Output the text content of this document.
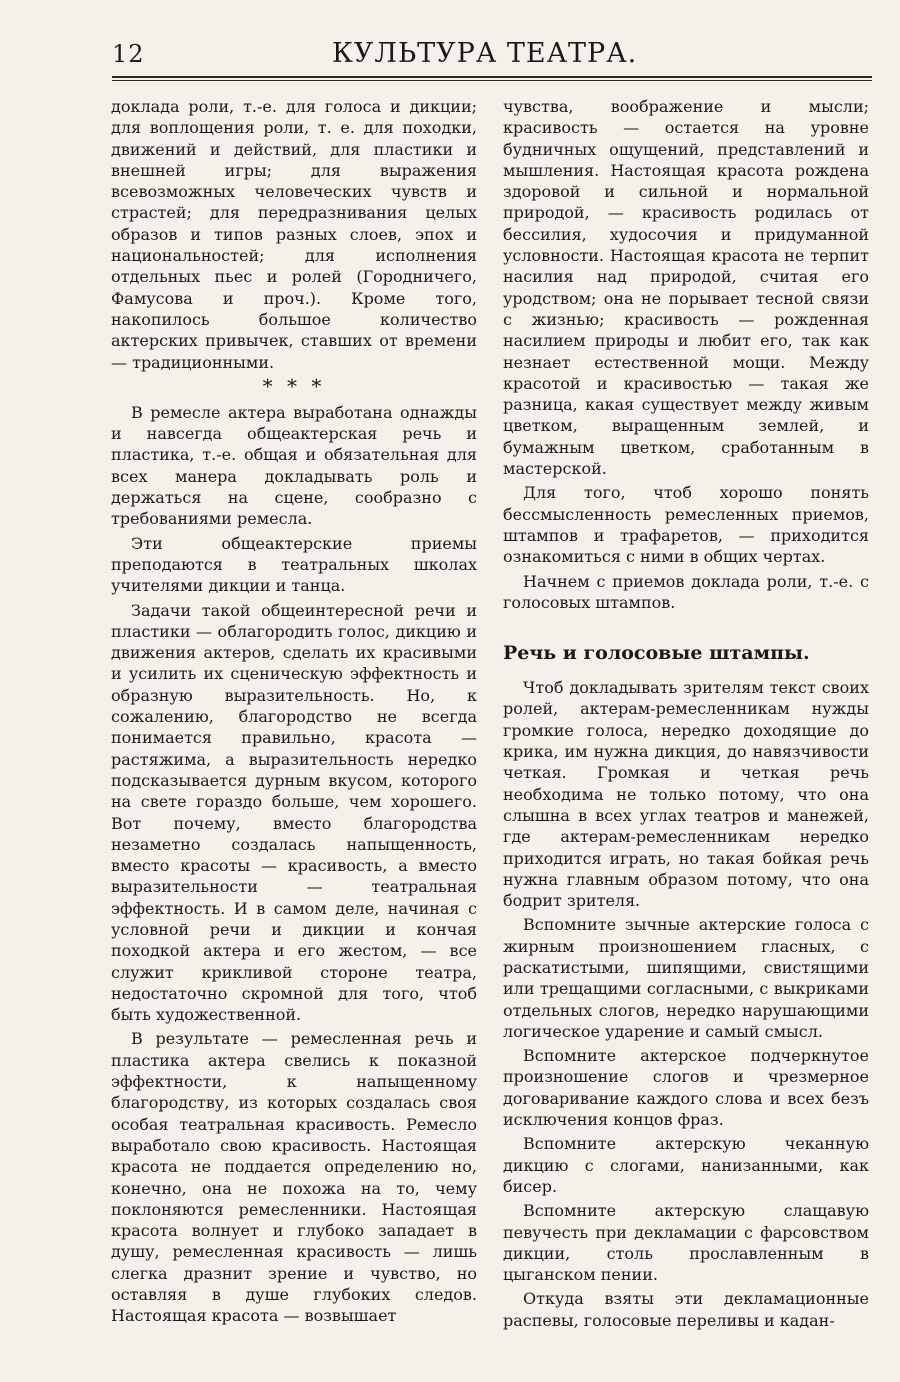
12	КУЛЬТУРА ТЕАТРА.

доклада роли, т.-е. для голоса и дикции; для воплощения роли, т. е. для походки, движений и действий, для пластики и внешней игры; для выражения всевозможных человеческих чувств и страстей; для передразнивания целых образов и типов разных слоев, эпох и национальностей; для исполнения отдельных пьес и ролей (Городничего, Фамусова и проч.). Кроме того, накопилось большое количество актерских привычек, ставших от времени — традиционными.

* * *

В ремесле актера выработана однажды и навсегда общеактерская речь и пластика, т.-е. общая и обязательная для всех манера докладывать роль и держаться на сцене, сообразно с требованиями ремесла.

Эти общеактерские приемы преподаются в театральных школах учителями дикции и танца.

Задачи такой общеинтересной речи и пластики — облагородить голос, дикцию и движения актеров, сделать их красивыми и усилить их сценическую эффектность и образную выразительность. Но, к сожалению, благородство не всегда понимается правильно, красота — растяжима, а выразительность нередко подсказывается дурным вкусом, которого на свете гораздо больше, чем хорошего. Вот почему, вместо благородства незаметно создалась напыщенность, вместо красоты — красивость, а вместо выразительности — театральная эффектность. И в самом деле, начиная с условной речи и дикции и кончая походкой актера и его жестом, — все служит крикливой стороне театра, недостаточно скромной для того, чтоб быть художественной.

В результате — ремесленная речь и пластика актера свелись к показной эффектности, к напыщенному благородству, из которых создалась своя особая театральная красивость. Ремесло выработало свою красивость. Настоящая красота не поддается определению но, конечно, она не похожа на то, чему поклоняются ремесленники. Настоящая красота волнует и глубоко западает в душу, ремесленная красивость — лишь слегка дразнит зрение и чувство, но оставляя в душе глубоких следов. Настоящая красота — возвышает

чувства, воображение и мысли; красивость — остается на уровне будничных ощущений, представлений и мышления. Настоящая красота рождена здоровой и сильной и нормальной природой, — красивость родилась от бессилия, худосочия и придуманной условности. Настоящая красота не терпит насилия над природой, считая его уродством; она не порывает тесной связи с жизнью; красивость — рожденная насилием природы и любит его, так как незнает естественной мощи. Между красотой и красивостью — такая же разница, какая существует между живым цветком, выращенным землей, и бумажным цветком, сработанным в мастерской.

Для того, чтоб хорошо понять бессмысленность ремесленных приемов, штампов и трафаретов, — приходится ознакомиться с ними в общих чертах.

Начнем с приемов доклада роли, т.-е. с голосовых штампов.

Речь и голосовые штампы.

Чтоб докладывать зрителям текст своих ролей, актерам-ремесленникам нужды громкие голоса, нередко доходящие до крика, им нужна дикция, до навязчивости четкая. Громкая и четкая речь необходима не только потому, что она слышна в всех углах театров и манежей, где актерам-ремесленникам нередко приходится играть, но такая бойкая речь нужна главным образом потому, что она бодрит зрителя.

Вспомните зычные актерские голоса с жирным произношением гласных, с раскатистыми, шипящими, свистящими или трещащими согласными, с выкриками отдельных слогов, нередко нарушающими логическое ударение и самый смысл.

Вспомните актерское подчеркнутое произношение слогов и чрезмерное договаривание каждого слова и всех безъ исключения концов фраз.

Вспомните актерскую чеканную дикцию с слогами, нанизанными, как бисер.

Вспомните актерскую слащавую певучесть при декламации с фарсовством дикции, столь прославленным в цыганском пении.

Откуда взяты эти декламационные распевы, голосовые переливы и кадан-
